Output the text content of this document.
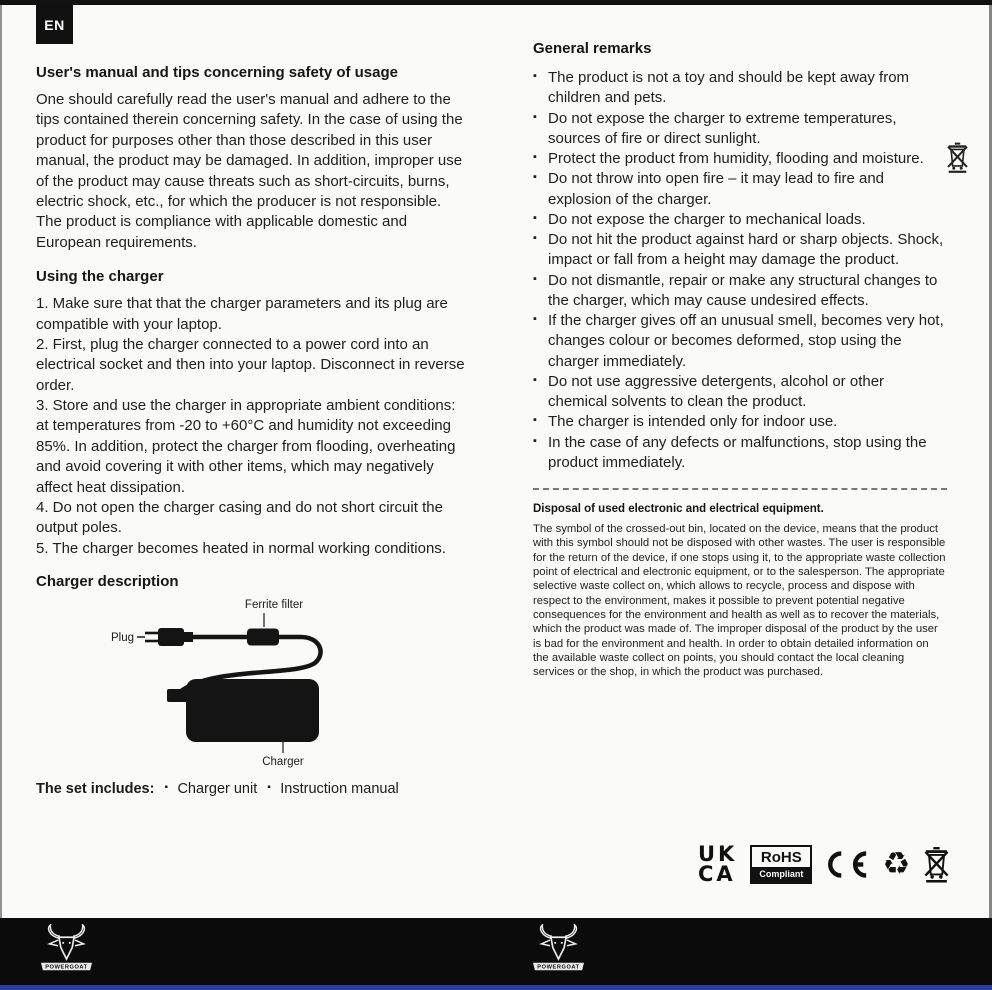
EN
User's manual and tips concerning safety of usage

One should carefully read the user's manual and adhere to the tips contained therein concerning safety. In the case of using the product for purposes other than those described in this user manual, the product may be damaged. In addition, improper use of the product may cause threats such as short-circuits, burns, electric shock, etc., for which the producer is not responsible. The product is compliance with applicable domestic and European requirements.

Using the charger

1. Make sure that that the charger parameters and its plug are compatible with your laptop.

2. First, plug the charger connected to a power cord into an electrical socket and then into your laptop. Disconnect in reverse order.

3. Store and use the charger in appropriate ambient conditions: at temperatures from -20 to +60°C and humidity not exceeding 85%. In addition, protect the charger from flooding, overheating and avoid covering it with other items, which may negatively affect heat dissipation.

4. Do not open the charger casing and do not short circuit the output poles.

5. The charger becomes heated in normal working conditions.

Charger description
Ferrite filter
Plug
Charger
The set includes:	▪ Charger unit	▪ Instruction manual
General remarks
▪ The product is not a toy and should be kept away from children and pets.
▪ Do not expose the charger to extreme temperatures, sources of fire or direct sunlight.
▪ Protect the product from humidity, flooding and moisture.
▪ Do not throw into open fire – it may lead to fire and explosion of the charger.
▪ Do not expose the charger to mechanical loads.
▪ Do not hit the product against hard or sharp objects. Shock, impact or fall from a height may damage the product.
▪ Do not dismantle, repair or make any structural changes to the charger, which may cause undesired effects.
▪ If the charger gives off an unusual smell, becomes very hot, changes colour or becomes deformed, stop using the charger immediately.
▪ Do not use aggressive detergents, alcohol or other chemical solvents to clean the product.
▪ The charger is intended only for indoor use.
▪ In the case of any defects or malfunctions, stop using the product immediately.
Disposal of used electronic and electrical equipment.

The symbol of the crossed-out bin, located on the device, means that the product with this symbol should not be disposed with other wastes. The user is responsible for the return of the device, if one stops using it, to the appropriate waste collection point of electrical and electronic equipment, or to the salesperson. The appropriate selective waste collect on, which allows to recycle, process and dispose with respect to the environment, makes it possible to prevent potential negative consequences for the environment and health as well as to recover the materials, which the product was made of. The improper disposal of the product by the user is bad for the environment and health. In order to obtain detailed information on the available waste collect on points, you should contact the local cleaning services or the shop, in which the product was purchased.

UK
CA
RoHS
Compliant	♻
POWERGOAT	POWERGOAT
